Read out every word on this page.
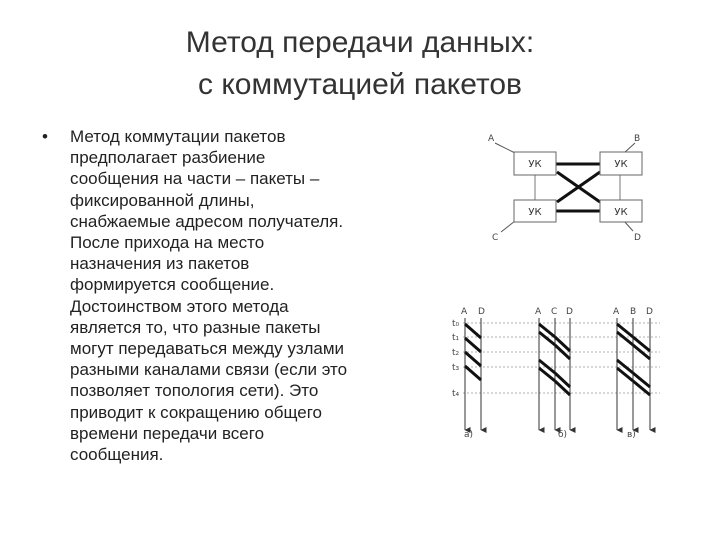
Метод передачи данных:
с коммутацией пакетов
• Метод коммутации пакетов
предполагает разбиение
сообщения на части – пакеты –
фиксированной длины,
снабжаемые адресом получателя.
После прихода на место
назначения из пакетов
формируется сообщение.
Достоинством этого метода
является то, что разные пакеты
могут передаваться между узлами
разными каналами связи (если это
позволяет топология сети). Это
приводит к сокращению общего
времени передачи всего
сообщения.
УК	УК
УК	УК
A	B
C	D
t₀
t₁
t₂
t₃
t₄
A D
а)
A C D
б)
A B D
в)
